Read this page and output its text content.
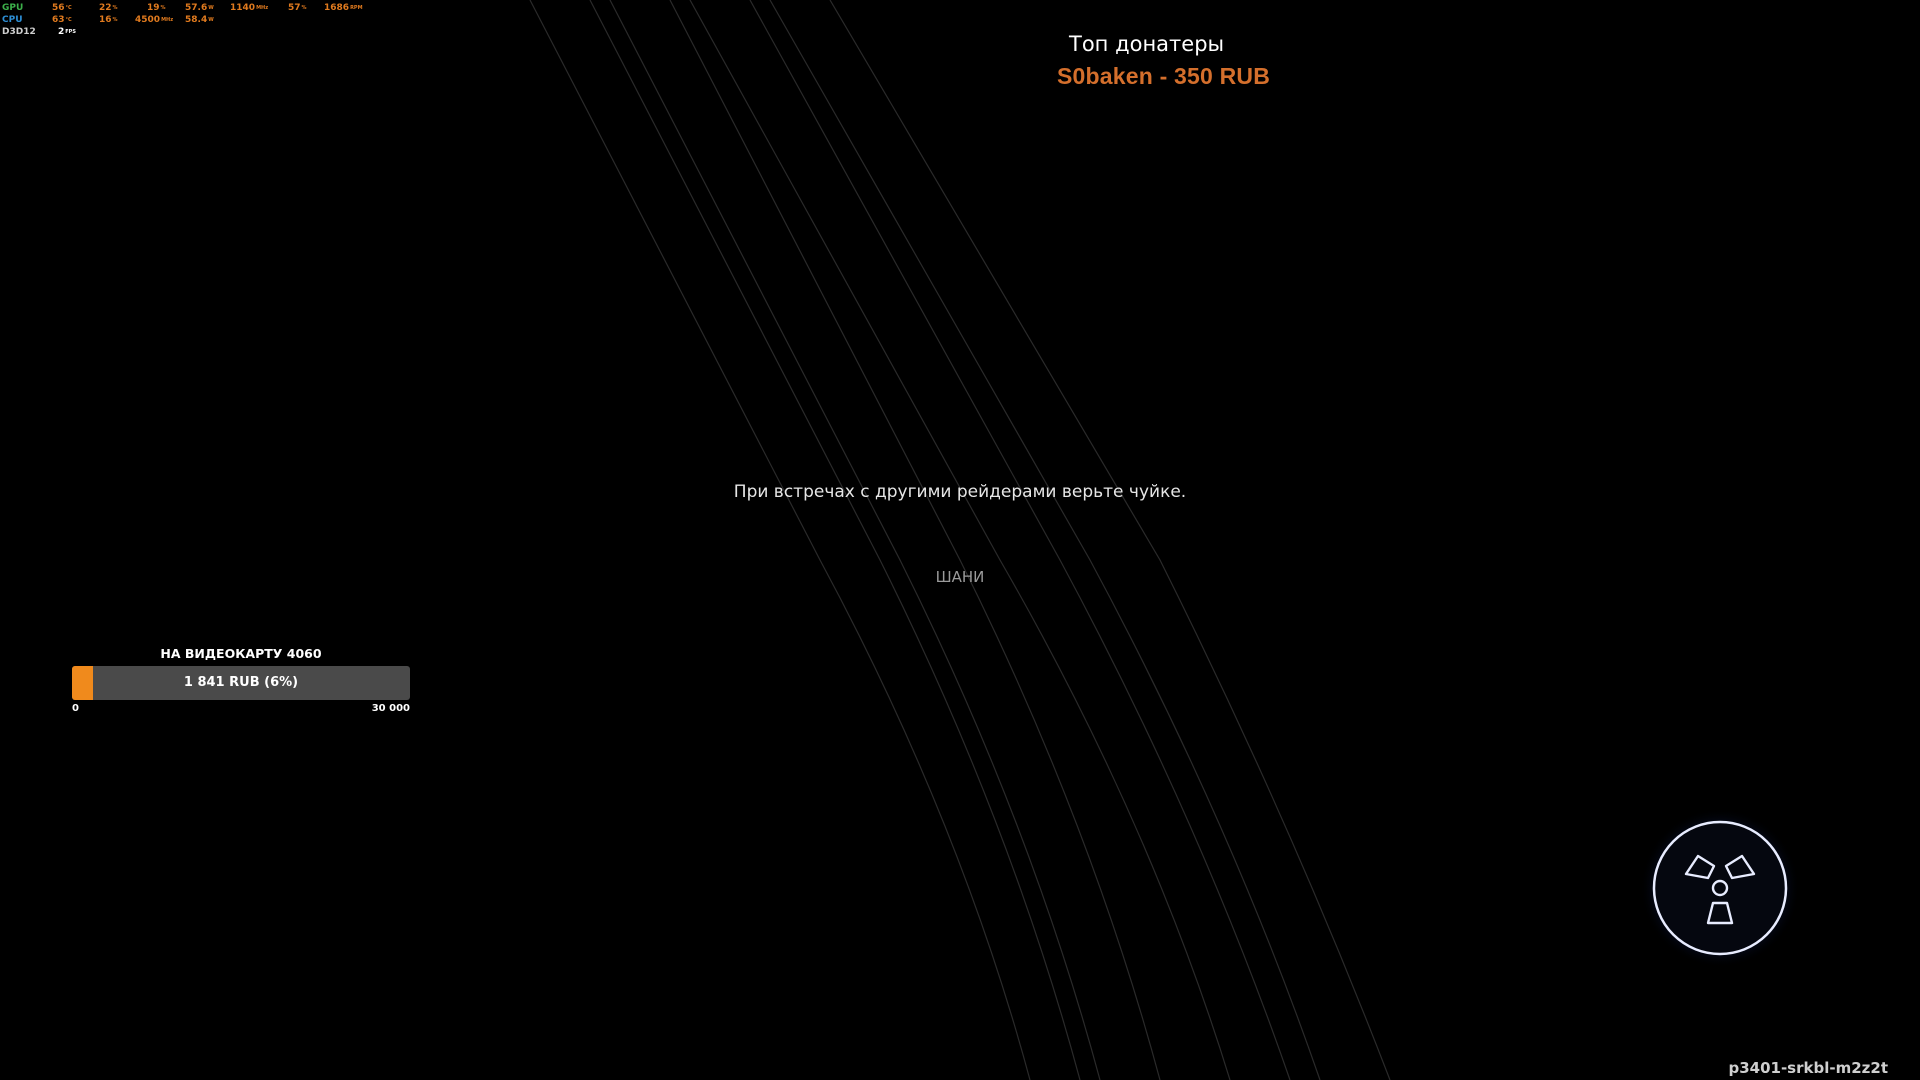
GPU	$56^{^\circ C}$	22%	19% $57.6^W$ $1140^{MHz}$ 57% $1686^{RPM}$
CPU	$63^{^\circ C}$	16% $4500^{MHz}$ $58.4^W$
D3D12 $2^{FPS}$	Топ донатеры
S0baken - 350 RUB
При встречах с другими рейдерами верьте чуйке.
ШАНИ
НА ВИДЕОКАРТУ 4060
1 841 RUB (6%)
0	30 000
p3401-srkbl-m2z2t
